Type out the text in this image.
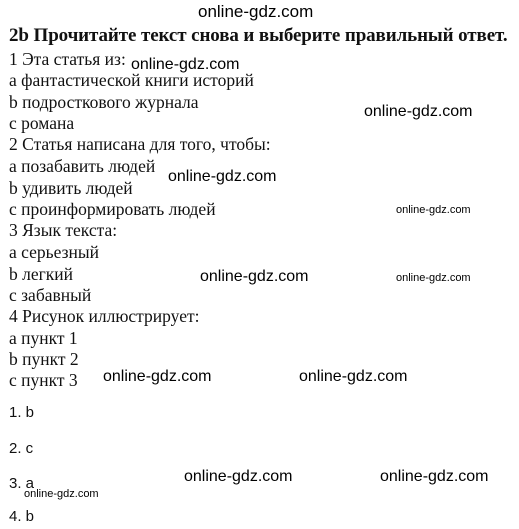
online-gdz.com
2b Прочитайте текст снова и выберите правильный ответ.
1 Эта статья из:
a фантастической книги историй
b подросткового журнала
c романа
2 Статья написана для того, чтобы:
a позабавить людей
b удивить людей
c проинформировать людей
3 Язык текста:
a серьезный
b легкий
c забавный
4 Рисунок иллюстрирует:
a пункт 1
b пункт 2
c пункт 3
1. b
2. c
3. a
4. b
online-gdz.com
online-gdz.com
online-gdz.com
online-gdz.com
online-gdz.com	online-gdz.com
online-gdz.com	online-gdz.com
online-gdz.com	online-gdz.com
online-gdz.com
